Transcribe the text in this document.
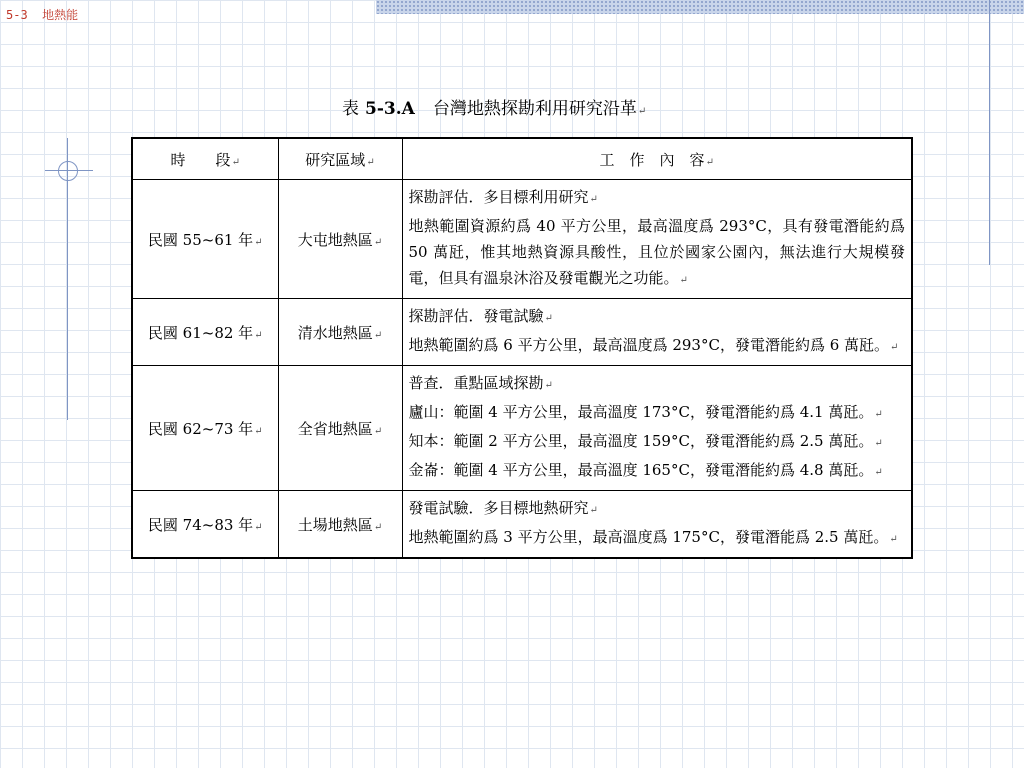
5-3  地熱能
表 5-3.A 台灣地熱探勘利用研究沿革↵
時　　段↵	研究區域↵	工　作　內　容↵
民國 55~61 年↵	大屯地熱區↵	探勘評估．多目標利用研究↵
地熱範圍資源約爲 40 平方公里，最高溫度爲 293°C，具有發電潛能約爲 50 萬瓩，惟其地熱資源具酸性，且位於國家公園內，無法進行大規模發電，但具有溫泉沐浴及發電觀光之功能。↵

民國 61~82 年↵	清水地熱區↵	探勘評估．發電試驗↵
地熱範圍約爲 6 平方公里，最高溫度爲 293°C，發電潛能約爲 6 萬瓩。↵

民國 62~73 年↵	全省地熱區↵	普查．重點區域探勘↵
廬山：範圍 4 平方公里，最高溫度 173°C，發電潛能約爲 4.1 萬瓩。↵
知本：範圍 2 平方公里，最高溫度 159°C，發電潛能約爲 2.5 萬瓩。↵
金崙：範圍 4 平方公里，最高溫度 165°C，發電潛能約爲 4.8 萬瓩。↵

民國 74~83 年↵	土場地熱區↵	發電試驗．多目標地熱研究↵
地熱範圍約爲 3 平方公里，最高溫度爲 175°C，發電潛能爲 2.5 萬瓩。↵
